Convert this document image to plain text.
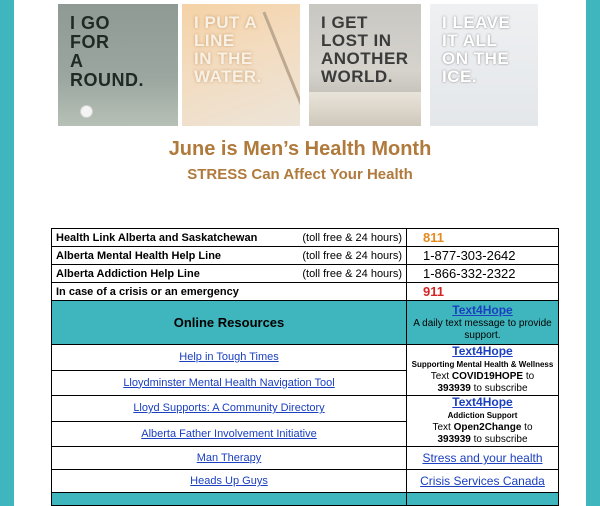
I GO
FOR
A
ROUND.
I PUT A
LINE
IN THE
WATER.
I GET
LOST IN
ANOTHER
WORLD.
I LEAVE
IT ALL
ON THE
ICE.
June is Men’s Health Month
STRESS Can Affect Your Health
Health Link Alberta and Saskatchewan (toll free & 24 hours)	811

Alberta Mental Health Help Line (toll free & 24 hours)	1-877-303-2642

Alberta Addiction Help Line (toll free & 24 hours)	1-866-332-2322

In case of a crisis or an emergency	911
Online Resources	Text4Hope
A daily text message to provide support.
Help in Tough Times	Text4Hope
Supporting Mental Health & Wellness
Text COVID19HOPE to
393939 to subscribe
Lloydminster Mental Health Navigation Tool	
Lloyd Supports: A Community Directory	Text4Hope
Addiction Support
Text Open2Change to
393939 to subscribe
Alberta Father Involvement Initiative	
Man Therapy	Stress and your health
Heads Up Guys	Crisis Services Canada
